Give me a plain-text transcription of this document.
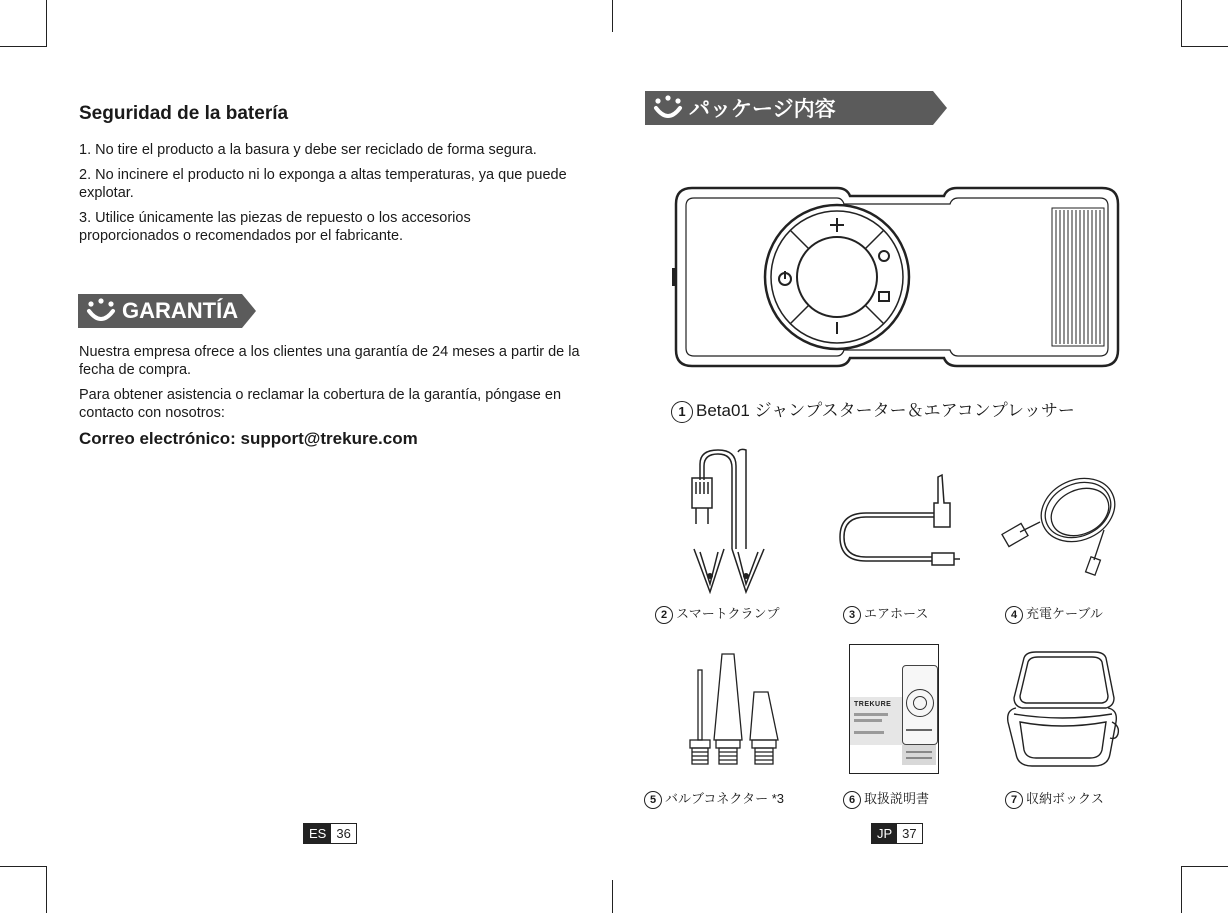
Seguridad de la batería

1. No tire el producto a la basura y debe ser reciclado de forma segura.

2. No incinere el producto ni lo exponga a altas temperaturas, ya que puede explotar.

3. Utilice únicamente las piezas de repuesto o los accesorios proporcionados o recomendados por el fabricante.

GARANTÍA

Nuestra empresa ofrece a los clientes una garantía de 24 meses a partir de la fecha de compra.

Para obtener asistencia o reclamar la cobertura de la garantía, póngase en contacto con nosotros:

Correo electrónico: support@trekure.com

ES 36
パッケージ内容
1 Beta01 ジャンプスターター＆エアコンプレッサー
2 スマートクランプ	3 エアホース	4 充電ケーブル
5 バルブコネクター *3
TREKURE
6 取扱説明書	7 収納ボックス
JP 37
